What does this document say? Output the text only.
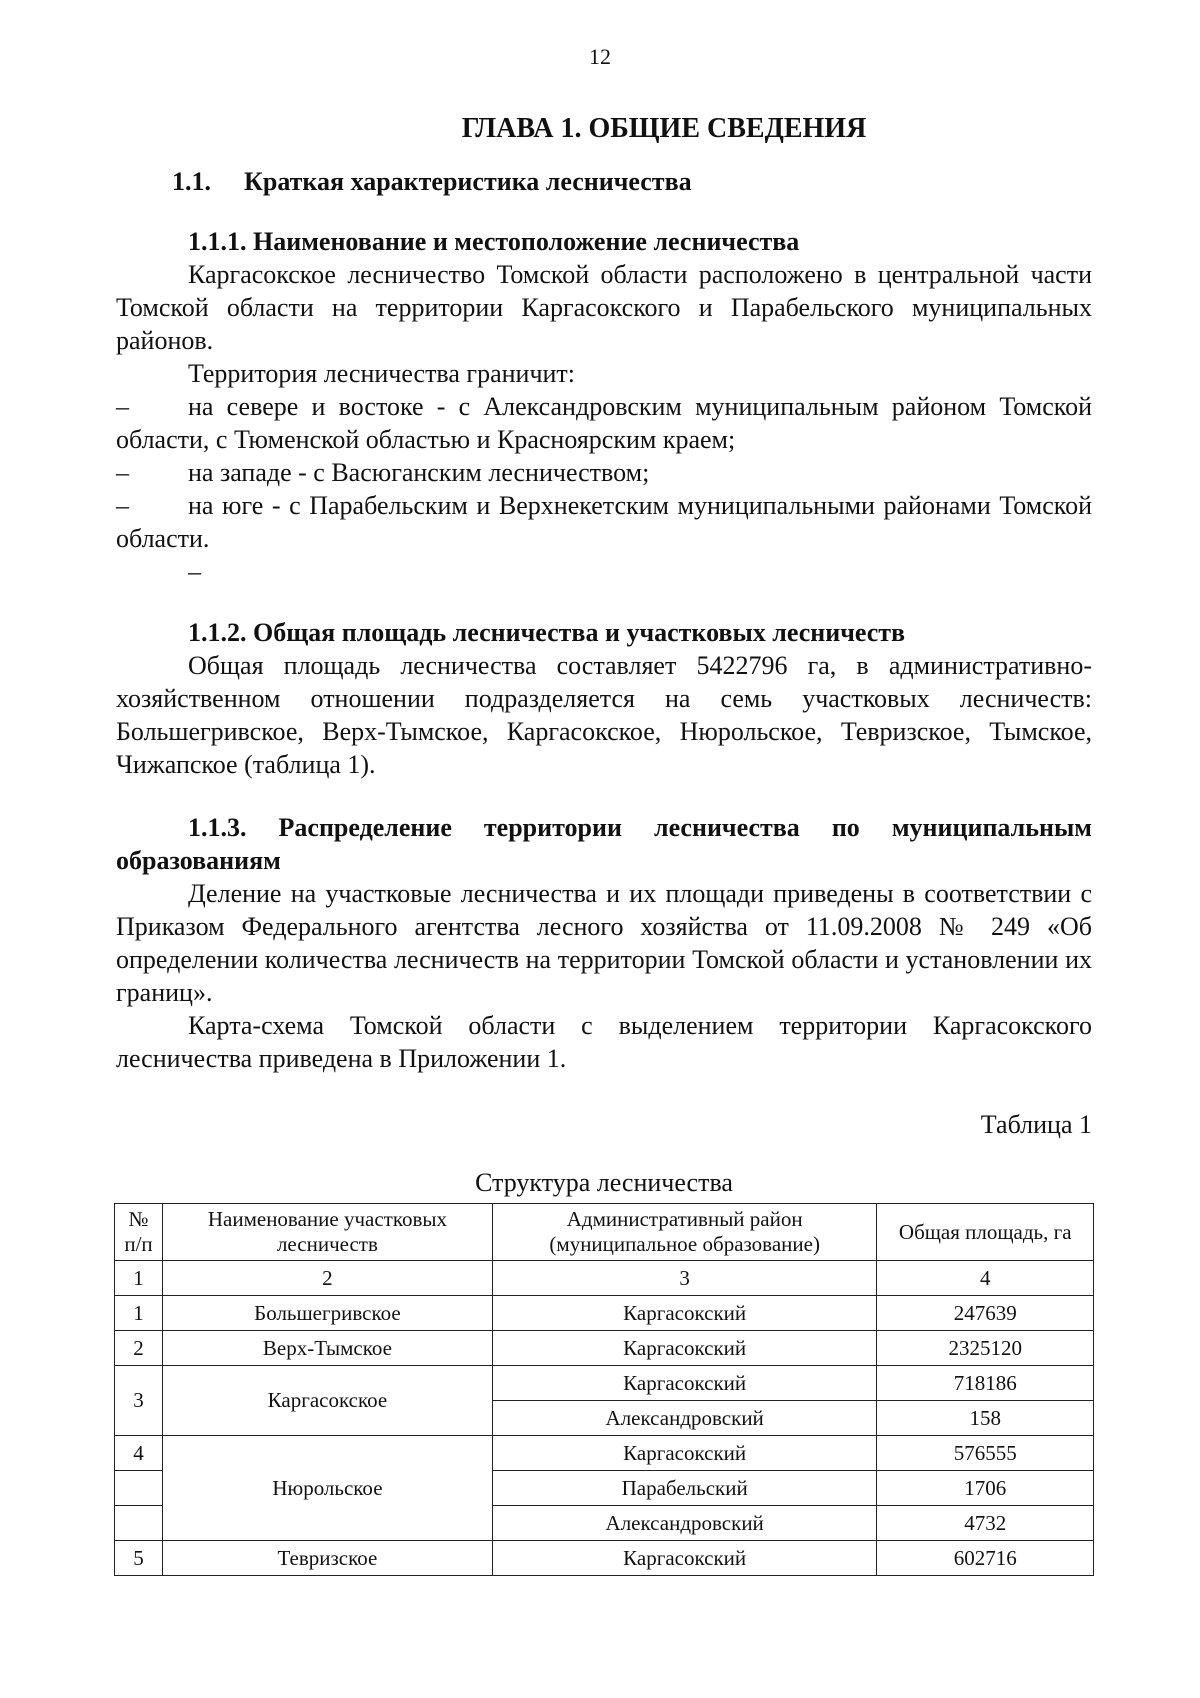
12
ГЛАВА 1. ОБЩИЕ СВЕДЕНИЯ

1.1. Краткая характеристика лесничества

1.1.1. Наименование и местоположение лесничества

Каргасокское лесничество Томской области расположено в центральной части Томской области на территории Каргасокского и Парабельского муниципальных районов.

Территория лесничества граничит:

– на севере и востоке - с Александровским муниципальным районом Томской области, с Тюменской областью и Красноярским краем;

– на западе - с Васюганским лесничеством;

– на юге - с Парабельским и Верхнекетским муниципальными районами Томской области.

–

1.1.2. Общая площадь лесничества и участковых лесничеств

Общая площадь лесничества составляет 5422796 га, в административно-хозяйственном отношении подразделяется на семь участковых лесничеств: Большегривское, Верх-Тымское, Каргасокское, Нюрольское, Тевризское, Тымское, Чижапское (таблица 1).

1.1.3. Распределение территории лесничества по муниципальным образованиям

Деление на участковые лесничества и их площади приведены в соответствии с Приказом Федерального агентства лесного хозяйства от 11.09.2008 № 249 «Об определении количества лесничеств на территории Томской области и установлении их границ».

Карта-схема Томской области с выделением территории Каргасокского лесничества приведена в Приложении 1.

Таблица 1
Структура лесничества
№ п/п	Наименование участковых лесничеств	Административный район (муниципальное образование)	Общая площадь, га
1	2	3	4
1	Большегривское	Каргасокский	247639
2	Верх-Тымское	Каргасокский	2325120
3	Каргасокское	Каргасокский	718186
		Александровский	158
4	Нюрольское	Каргасокский	576555
		Парабельский	1706
		Александровский	4732
5	Тевризское	Каргасокский	602716
